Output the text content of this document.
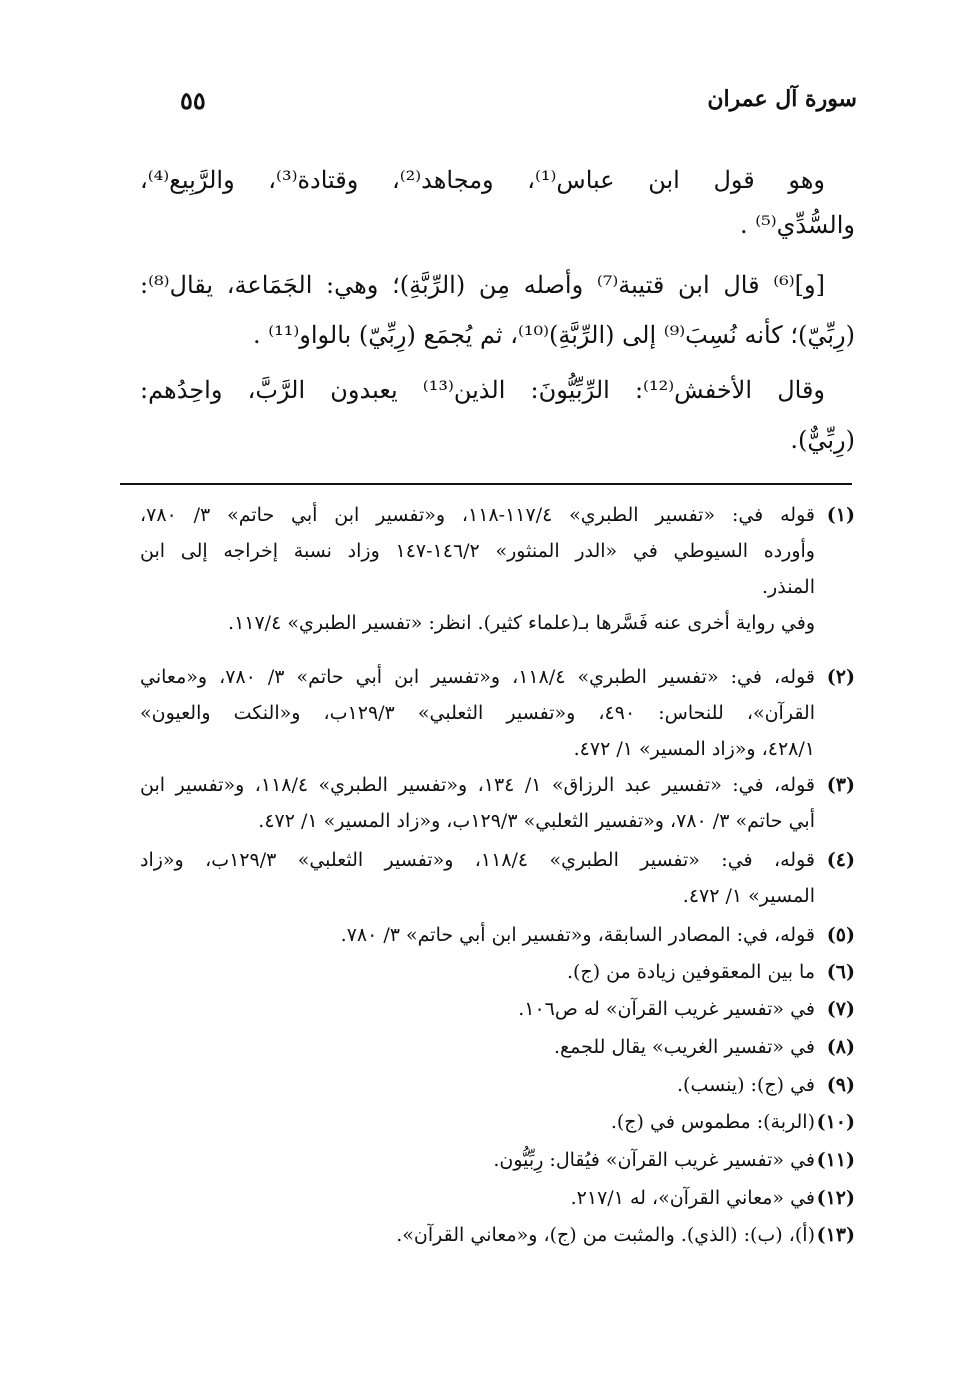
سورة آل عمران
٥٥
وهو قول ابن عباس⁽¹⁾، ومجاهد⁽²⁾، وقتادة⁽³⁾، والرَّبِيع⁽⁴⁾،
والسُّدِّي⁽⁵⁾ .
[و]⁽⁶⁾ قال ابن قتيبة⁽⁷⁾ وأصله مِن (الرِّبَّةِ)؛ وهي: الجَمَاعة، يقال⁽⁸⁾:
(رِبِّيّ)؛ كأنه نُسِبَ⁽⁹⁾ إلى (الرِّبَّةِ)⁽¹⁰⁾، ثم يُجمَع (رِبِّيّ) بالواو⁽¹¹⁾ .
وقال الأخفش⁽¹²⁾: الرِّبِّيُّونَ: الذين⁽¹³⁾ يعبدون الرَّبَّ، واحِدُهم:
(رِبِّيٌّ).
(١)
قوله في: «تفسير الطبري» ١١٧/٤-١١٨، و«تفسير ابن أبي حاتم» ٣/ ٧٨٠،
وأورده السيوطي في «الدر المنثور» ١٤٦/٢-١٤٧ وزاد نسبة إخراجه إلى ابن
المنذر.
وفي رواية أخرى عنه فَسَّرها بـ(علماء كثير). انظر: «تفسير الطبري» ١١٧/٤.
(٢)
قوله، في: «تفسير الطبري» ١١٨/٤، و«تفسير ابن أبي حاتم» ٣/ ٧٨٠، و«معاني
القرآن»، للنحاس: ٤٩٠، و«تفسير الثعلبي» ١٢٩/٣ب، و«النكت والعيون»
٤٢٨/١، و«زاد المسير» ١/ ٤٧٢.
(٣)
قوله، في: «تفسير عبد الرزاق» ١/ ١٣٤، و«تفسير الطبري» ١١٨/٤، و«تفسير ابن
أبي حاتم» ٣/ ٧٨٠، و«تفسير الثعلبي» ١٢٩/٣ب، و«زاد المسير» ١/ ٤٧٢.
(٤)
قوله، في: «تفسير الطبري» ١١٨/٤، و«تفسير الثعلبي» ١٢٩/٣ب، و«زاد
المسير» ١/ ٤٧٢.
(٥)
قوله، في: المصادر السابقة، و«تفسير ابن أبي حاتم» ٣/ ٧٨٠.
(٦)
ما بين المعقوفين زيادة من (ج).
(٧)
في «تفسير غريب القرآن» له ص١٠٦.
(٨)
في «تفسير الغريب» يقال للجمع.
(٩)
في (ج): (ينسب).
(١٠)
(الربة): مطموس في (ج).
(١١)
في «تفسير غريب القرآن» فيُقال: رِبِّيُّون.
(١٢)
في «معاني القرآن»، له ٢١٧/١.
(١٣)
(أ)، (ب): (الذي). والمثبت من (ج)، و«معاني القرآن».
